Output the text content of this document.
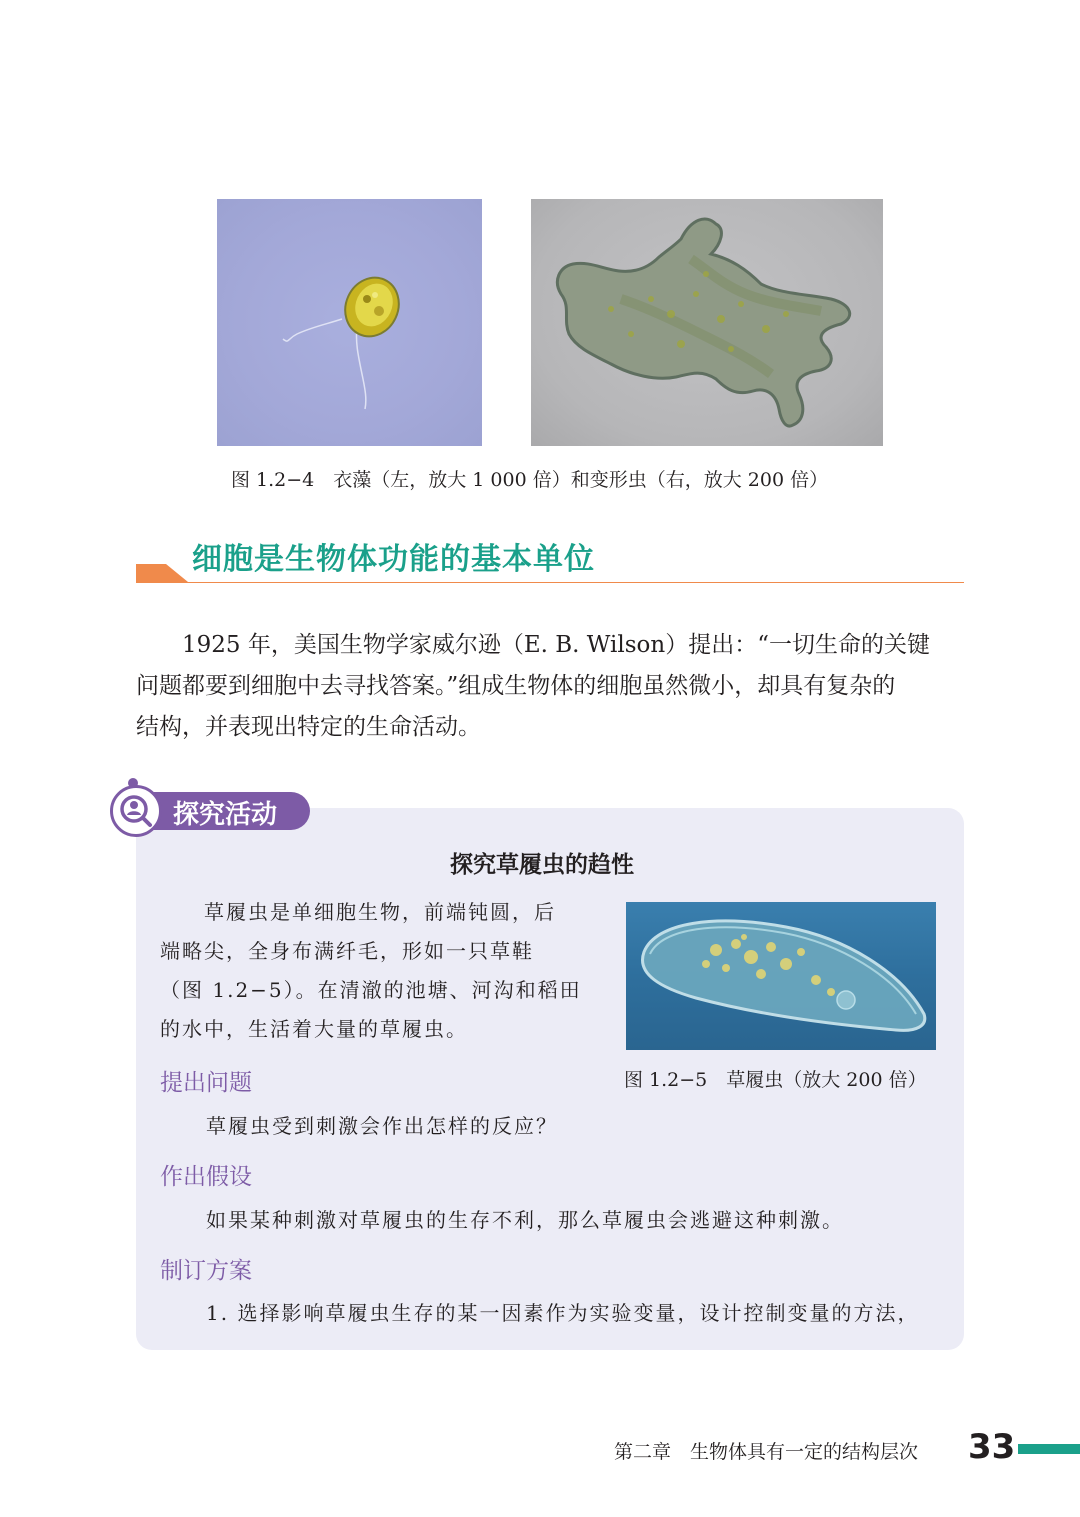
图 1.2−4　衣藻（左，放大 1 000 倍）和变形虫（右，放大 200 倍）
细胞是生物体功能的基本单位
　　1925 年，美国生物学家威尔逊（E. B. Wilson）提出：“一切生命的关键
问题都要到细胞中去寻找答案。”组成生物体的细胞虽然微小，却具有复杂的
结构，并表现出特定的生命活动。
探究活动
探究草履虫的趋性
　　草履虫是单细胞生物，前端钝圆，后
端略尖，全身布满纤毛，形如一只草鞋
（图 1.2−5）。在清澈的池塘、河沟和稻田
的水中，生活着大量的草履虫。
图 1.2−5　草履虫（放大 200 倍）
提出问题
草履虫受到刺激会作出怎样的反应？
作出假设
如果某种刺激对草履虫的生存不利，那么草履虫会逃避这种刺激。
制订方案
1. 选择影响草履虫生存的某一因素作为实验变量，设计控制变量的方法，
第二章　生物体具有一定的结构层次 33
